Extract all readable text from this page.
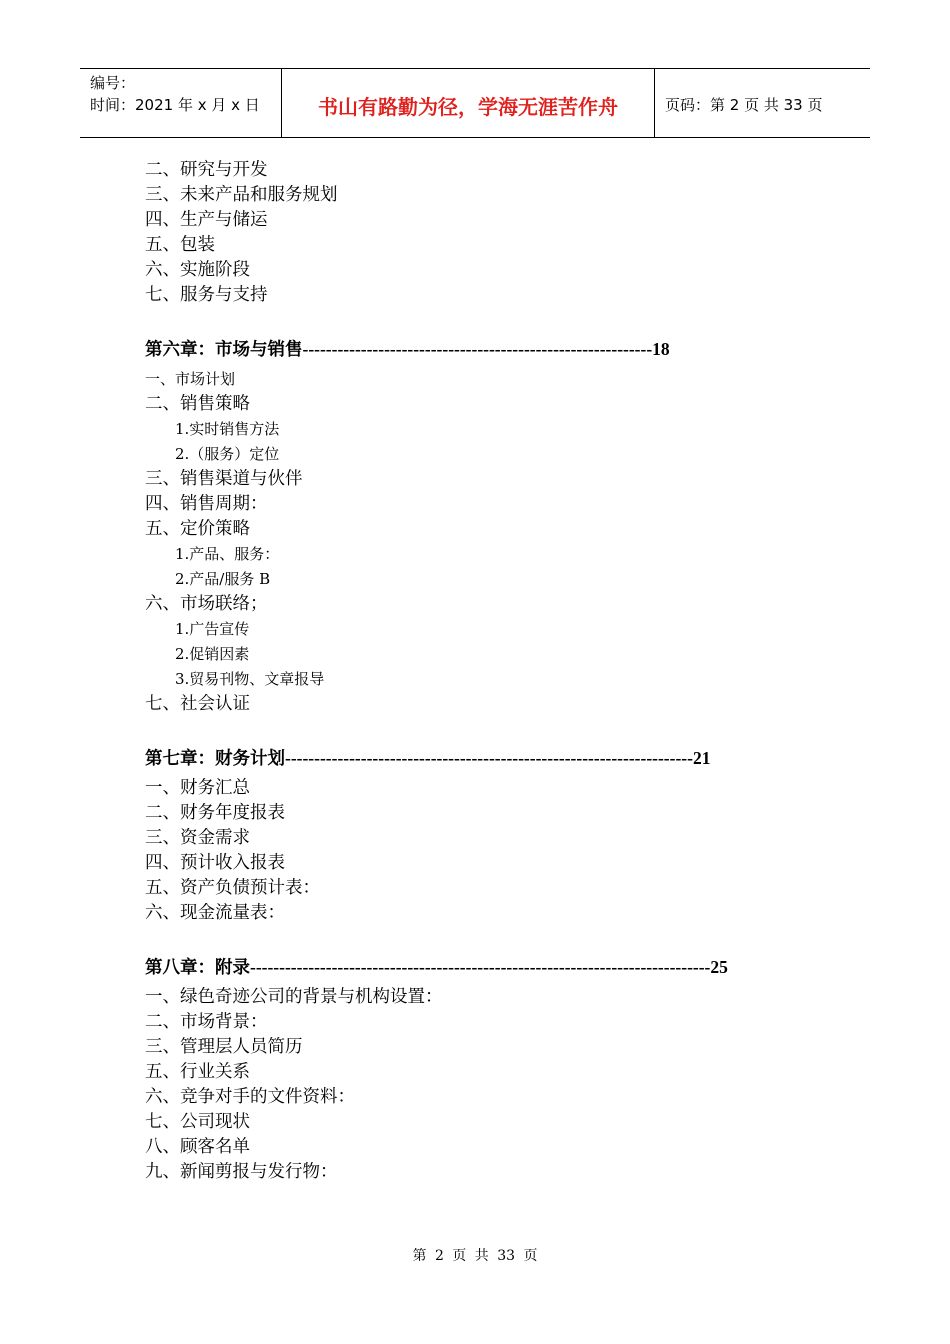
编号：
时间：2021 年 x 月 x 日	书山有路勤为径，学海无涯苦作舟	页码：第 2 页 共 33 页
二、研究与开发
三、未来产品和服务规划
四、生产与储运
五、包装
六、实施阶段
七、服务与支持
第六章：市场与销售------------------------------------------------------------18
一、市场计划
二、销售策略
1.实时销售方法
2.（服务）定位
三、销售渠道与伙伴
四、销售周期：
五、定价策略
1.产品、服务：
2.产品/服务 B
六、市场联络；
1.广告宣传
2.促销因素
3.贸易刊物、文章报导
七、社会认证
第七章：财务计划----------------------------------------------------------------------21
一、财务汇总
二、财务年度报表
三、资金需求
四、预计收入报表
五、资产负债预计表：
六、现金流量表：
第八章：附录-------------------------------------------------------------------------------25
一、绿色奇迹公司的背景与机构设置：
二、市场背景：
三、管理层人员简历
五、行业关系
六、竞争对手的文件资料：
七、公司现状
八、顾客名单
九、新闻剪报与发行物：
第 2 页 共 33 页
